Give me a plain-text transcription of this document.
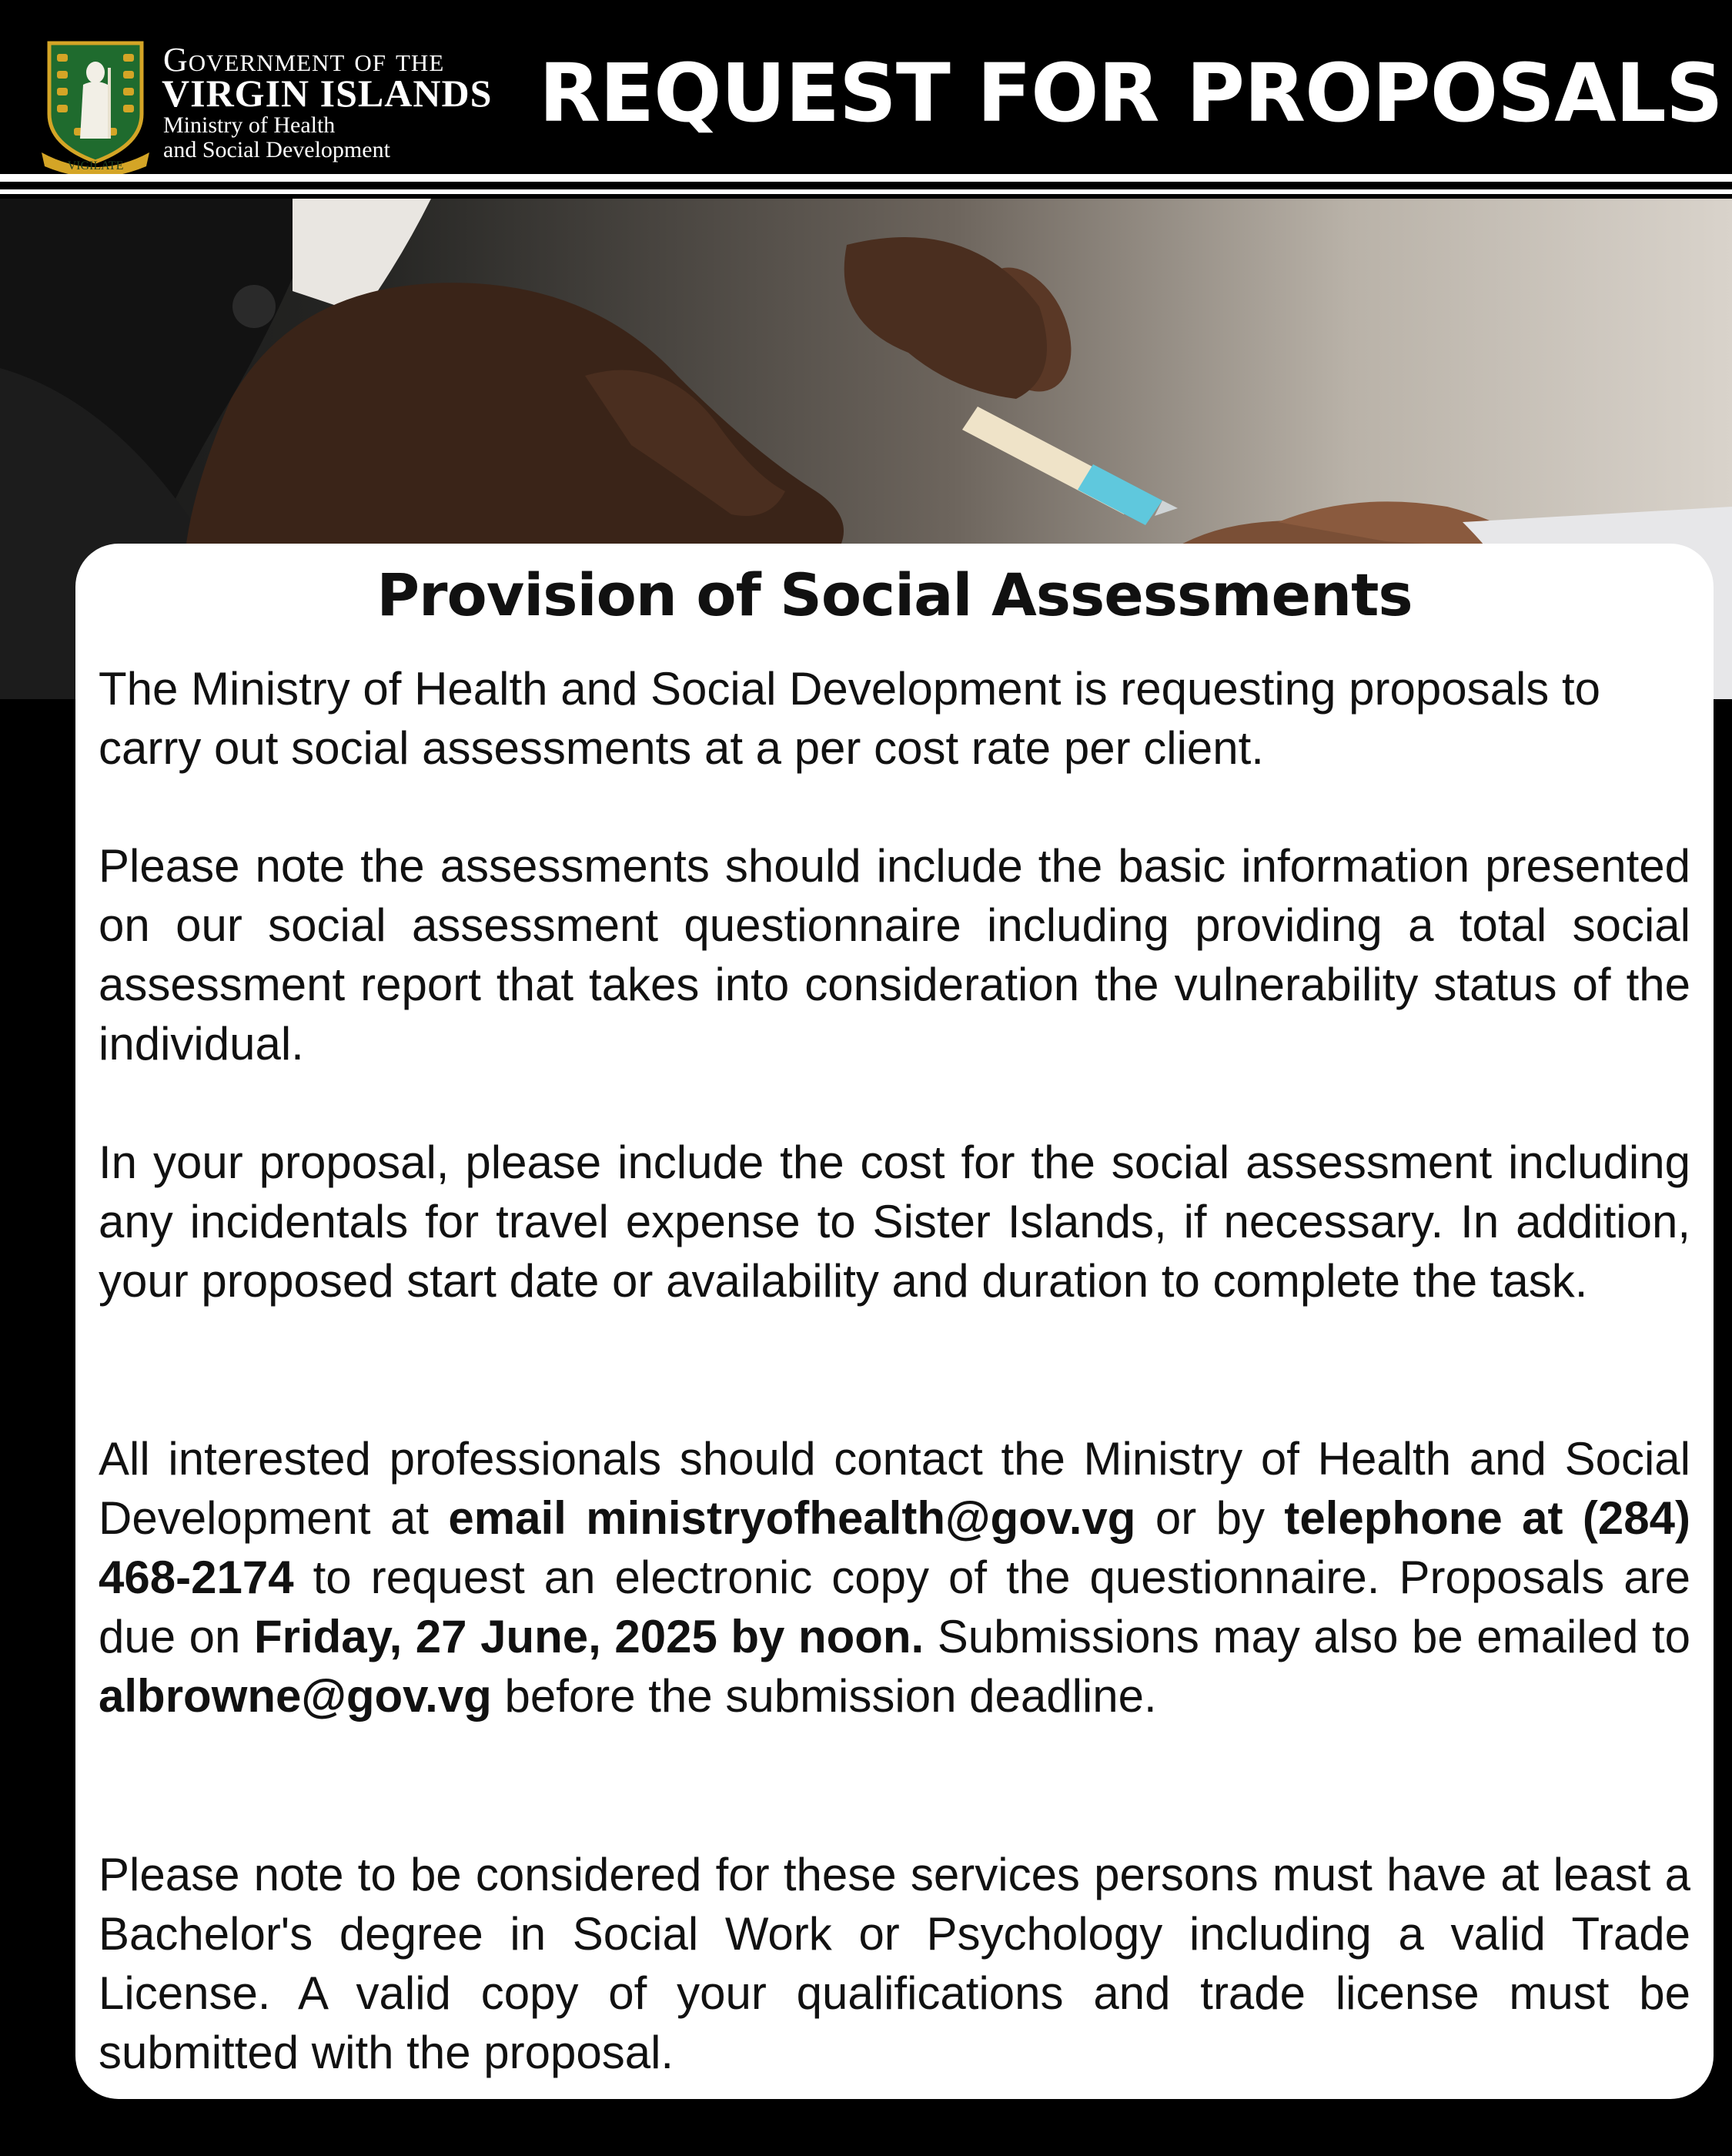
VIGILATE
Government of the
VIRGIN ISLANDS
Ministry of Health
and Social Development
REQUEST FOR PROPOSALS
Provision of Social Assessments
The Ministry of Health and Social Development is requesting proposals to carry out social assessments at a per cost rate per client.
Please note the assessments should include the basic information presented on our social assessment questionnaire including providing a total social assessment report that takes into consideration the vulnerability status of the individual.
In your proposal, please include the cost for the social assessment including any incidentals for travel expense to Sister Islands, if necessary. In addition, your proposed start date or availability and duration to complete the task.
All interested professionals should contact the Ministry of Health and Social Development at email ministryofhealth@gov.vg or by telephone at (284) 468-2174 to request an electronic copy of the questionnaire. Proposals are due on Friday, 27 June, 2025 by noon. Submissions may also be emailed to albrowne@gov.vg before the submission deadline.
Please note to be considered for these services persons must have at least a Bachelor's degree in Social Work or Psychology including a valid Trade License. A valid copy of your qualifications and trade license must be submitted with the proposal.
